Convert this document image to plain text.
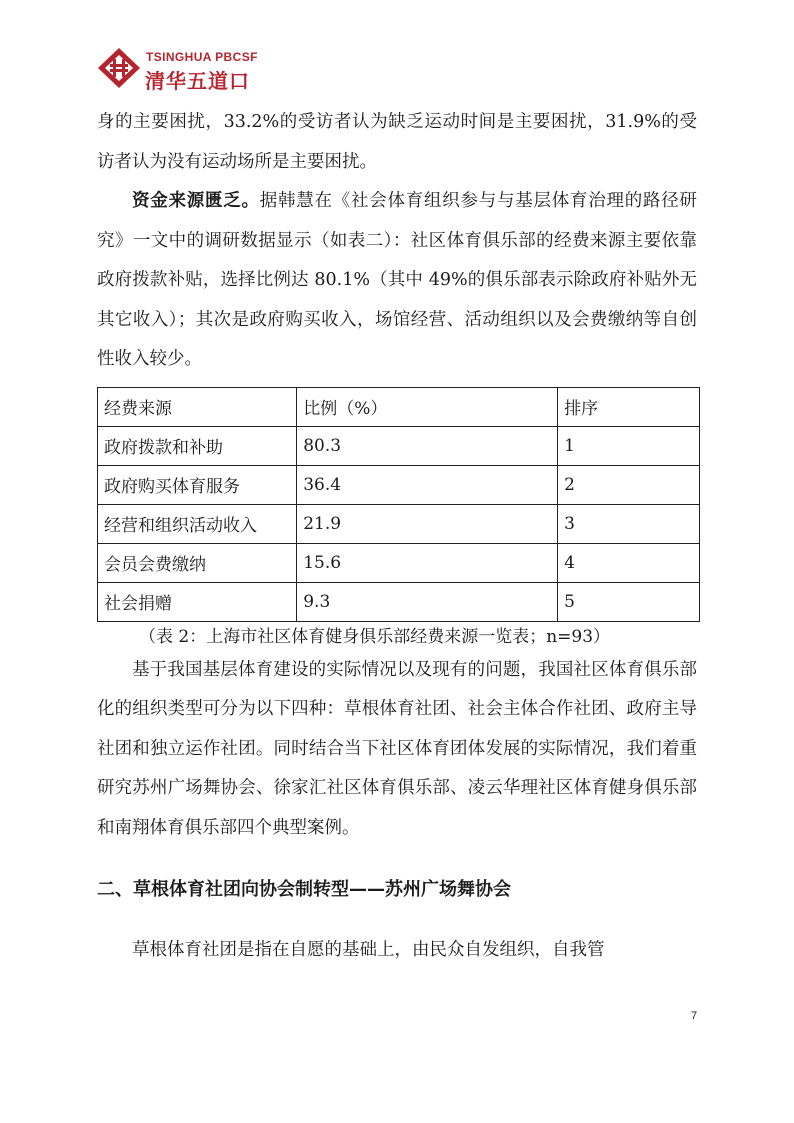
TSINGHUA PBCSF
清华五道口

身的主要困扰，33.2%的受访者认为缺乏运动时间是主要困扰，31.9%的受访者认为没有运动场所是主要困扰。

资金来源匮乏。据韩慧在《社会体育组织参与与基层体育治理的路径研究》一文中的调研数据显示（如表二）：社区体育俱乐部的经费来源主要依靠政府拨款补贴，选择比例达 80.1%（其中 49%的俱乐部表示除政府补贴外无其它收入）；其次是政府购买收入，场馆经营、活动组织以及会费缴纳等自创性收入较少。

经费来源	比例（%）	排序
政府拨款和补助	80.3	1
政府购买体育服务	36.4	2
经营和组织活动收入	21.9	3
会员会费缴纳	15.6	4
社会捐赠	9.3	5
（表 2：上海市社区体育健身俱乐部经费来源一览表；n=93）

基于我国基层体育建设的实际情况以及现有的问题，我国社区体育俱乐部化的组织类型可分为以下四种：草根体育社团、社会主体合作社团、政府主导社团和独立运作社团。同时结合当下社区体育团体发展的实际情况，我们着重研究苏州广场舞协会、徐家汇社区体育俱乐部、凌云华理社区体育健身俱乐部和南翔体育俱乐部四个典型案例。

二、草根体育社团向协会制转型——苏州广场舞协会

草根体育社团是指在自愿的基础上，由民众自发组织，自我管

7
